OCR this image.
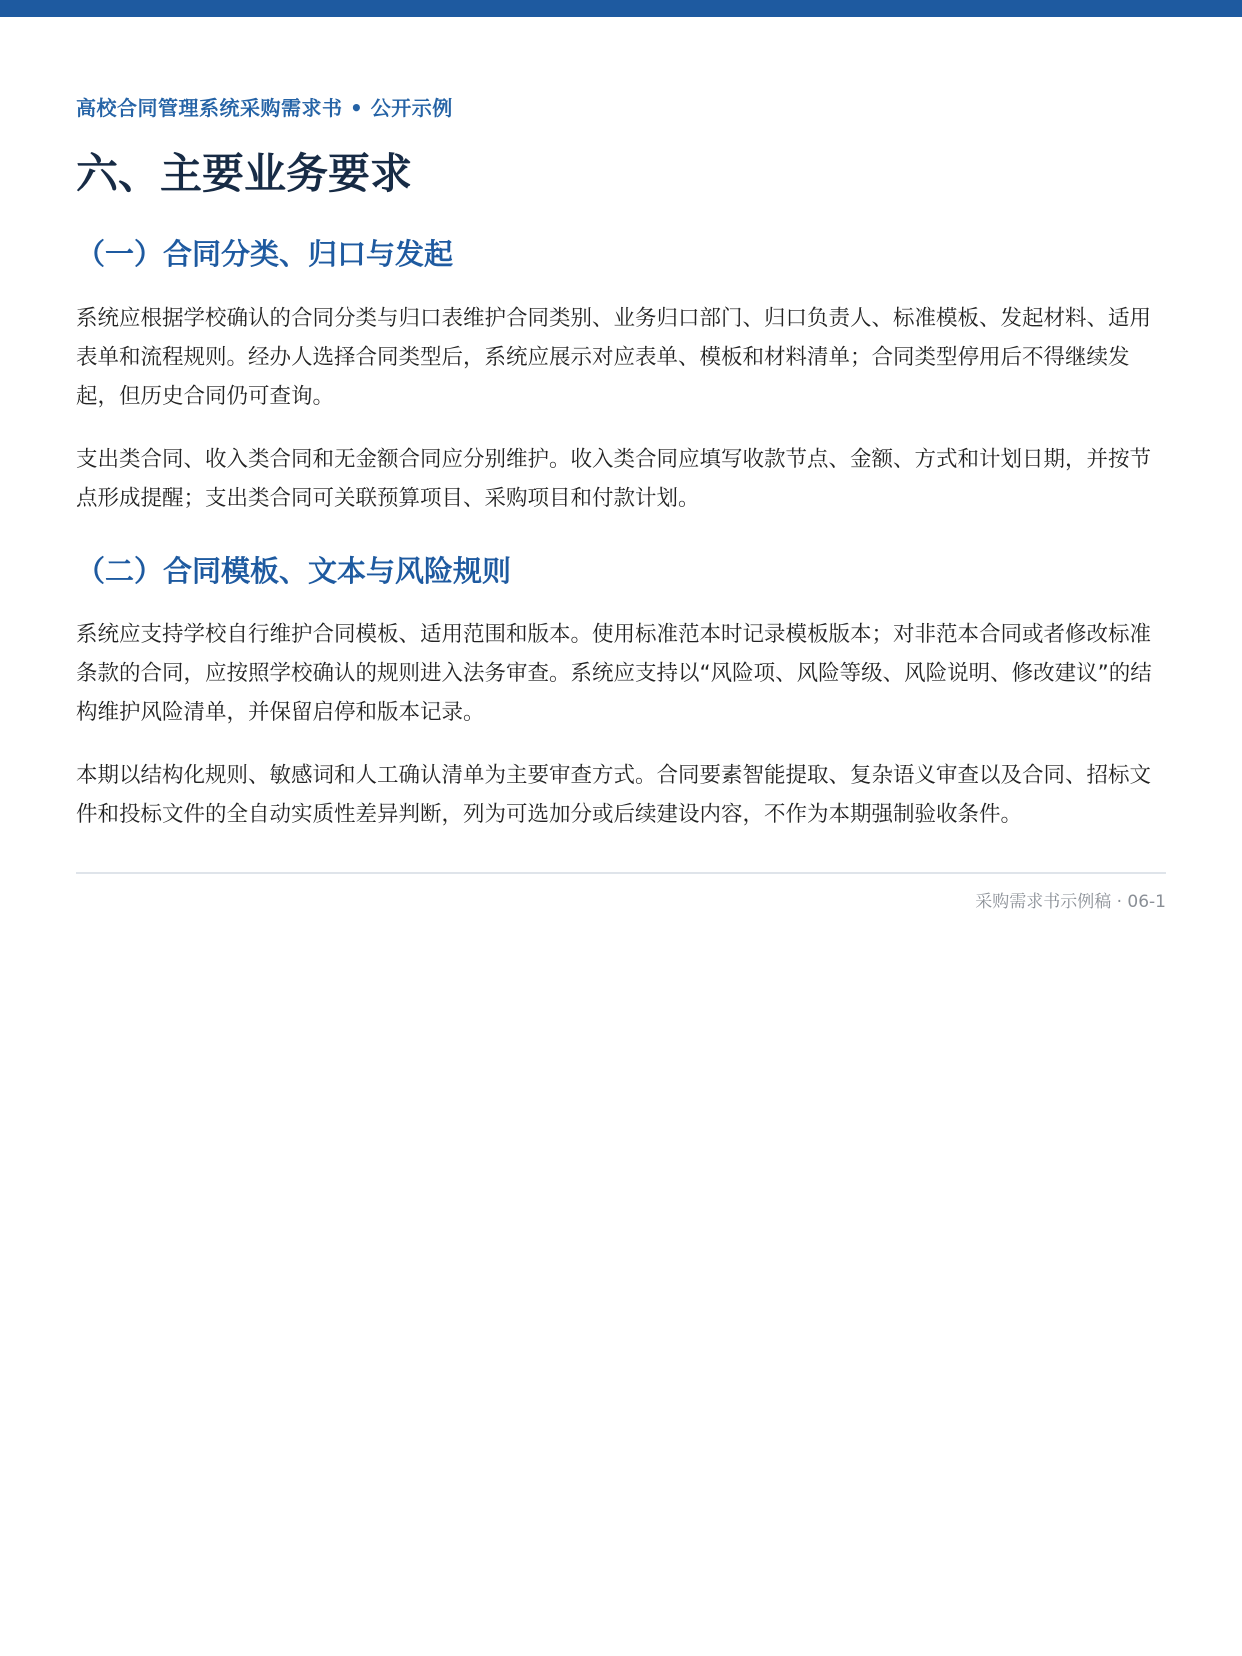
高校合同管理系统采购需求书 • 公开示例
六、主要业务要求
（一）合同分类、归口与发起

系统应根据学校确认的合同分类与归口表维护合同类别、业务归口部门、归口负责人、标准模板、发起材料、适用表单和流程规则。经办人选择合同类型后，系统应展示对应表单、模板和材料清单；合同类型停用后不得继续发起，但历史合同仍可查询。

支出类合同、收入类合同和无金额合同应分别维护。收入类合同应填写收款节点、金额、方式和计划日期，并按节点形成提醒；支出类合同可关联预算项目、采购项目和付款计划。

（二）合同模板、文本与风险规则

系统应支持学校自行维护合同模板、适用范围和版本。使用标准范本时记录模板版本；对非范本合同或者修改标准条款的合同，应按照学校确认的规则进入法务审查。系统应支持以“风险项、风险等级、风险说明、修改建议”的结构维护风险清单，并保留启停和版本记录。

本期以结构化规则、敏感词和人工确认清单为主要审查方式。合同要素智能提取、复杂语义审查以及合同、招标文件和投标文件的全自动实质性差异判断，列为可选加分或后续建设内容，不作为本期强制验收条件。

采购需求书示例稿 · 06-1
